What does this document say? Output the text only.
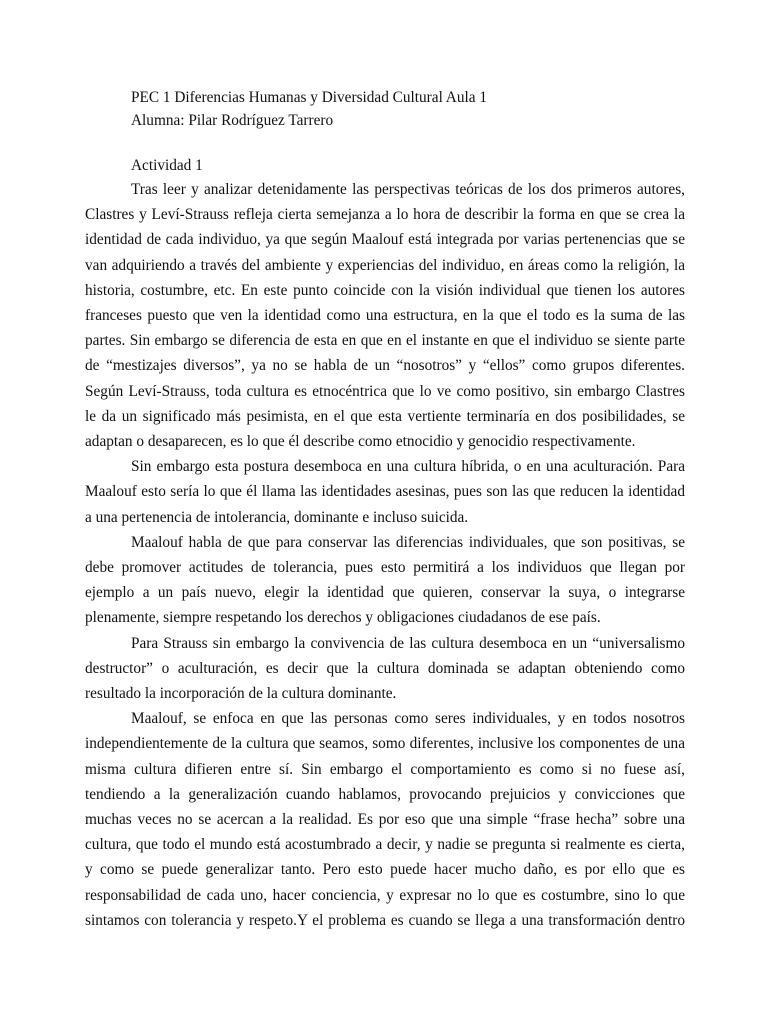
PEC 1 Diferencias Humanas y Diversidad Cultural Aula 1

Alumna: Pilar Rodríguez Tarrero

Actividad 1

Tras leer y analizar detenidamente las perspectivas teóricas de los dos primeros autores,
Clastres y Leví-Strauss refleja cierta semejanza a lo hora de describir la forma en que se crea la
identidad de cada individuo, ya que según Maalouf está integrada por varias pertenencias que se
van adquiriendo a través del ambiente y experiencias del individuo, en áreas como la religión, la
historia, costumbre, etc. En este punto coincide con la visión individual que tienen los autores
franceses puesto que ven la identidad como una estructura, en la que el todo es la suma de las
partes. Sin embargo se diferencia de esta en que en el instante en que el individuo se siente parte
de “mestizajes diversos”, ya no se habla de un “nosotros” y “ellos” como grupos diferentes.
Según Leví-Strauss, toda cultura es etnocéntrica que lo ve como positivo, sin embargo Clastres
le da un significado más pesimista, en el que esta vertiente terminaría en dos posibilidades, se
adaptan o desaparecen, es lo que él describe como etnocidio y genocidio respectivamente.
Sin embargo esta postura desemboca en una cultura híbrida, o en una aculturación. Para
Maalouf esto sería lo que él llama las identidades asesinas, pues son las que reducen la identidad
a una pertenencia de intolerancia, dominante e incluso suicida.
Maalouf habla de que para conservar las diferencias individuales, que son positivas, se
debe promover actitudes de tolerancia, pues esto permitirá a los individuos que llegan por
ejemplo a un país nuevo, elegir la identidad que quieren, conservar la suya, o integrarse
plenamente, siempre respetando los derechos y obligaciones ciudadanos de ese país.
Para Strauss sin embargo la convivencia de las cultura desemboca en un “universalismo
destructor” o aculturación, es decir que la cultura dominada se adaptan obteniendo como
resultado la incorporación de la cultura dominante.
Maalouf, se enfoca en que las personas como seres individuales, y en todos nosotros
independientemente de la cultura que seamos, somo diferentes, inclusive los componentes de una
misma cultura difieren entre sí. Sin embargo el comportamiento es como si no fuese así,
tendiendo a la generalización cuando hablamos, provocando prejuicios y convicciones que
muchas veces no se acercan a la realidad. Es por eso que una simple “frase hecha” sobre una
cultura, que todo el mundo está acostumbrado a decir, y nadie se pregunta si realmente es cierta,
y como se puede generalizar tanto. Pero esto puede hacer mucho daño, es por ello que es
responsabilidad de cada uno, hacer conciencia, y expresar no lo que es costumbre, sino lo que
sintamos con tolerancia y respeto.Y el problema es cuando se llega a una transformación dentro
